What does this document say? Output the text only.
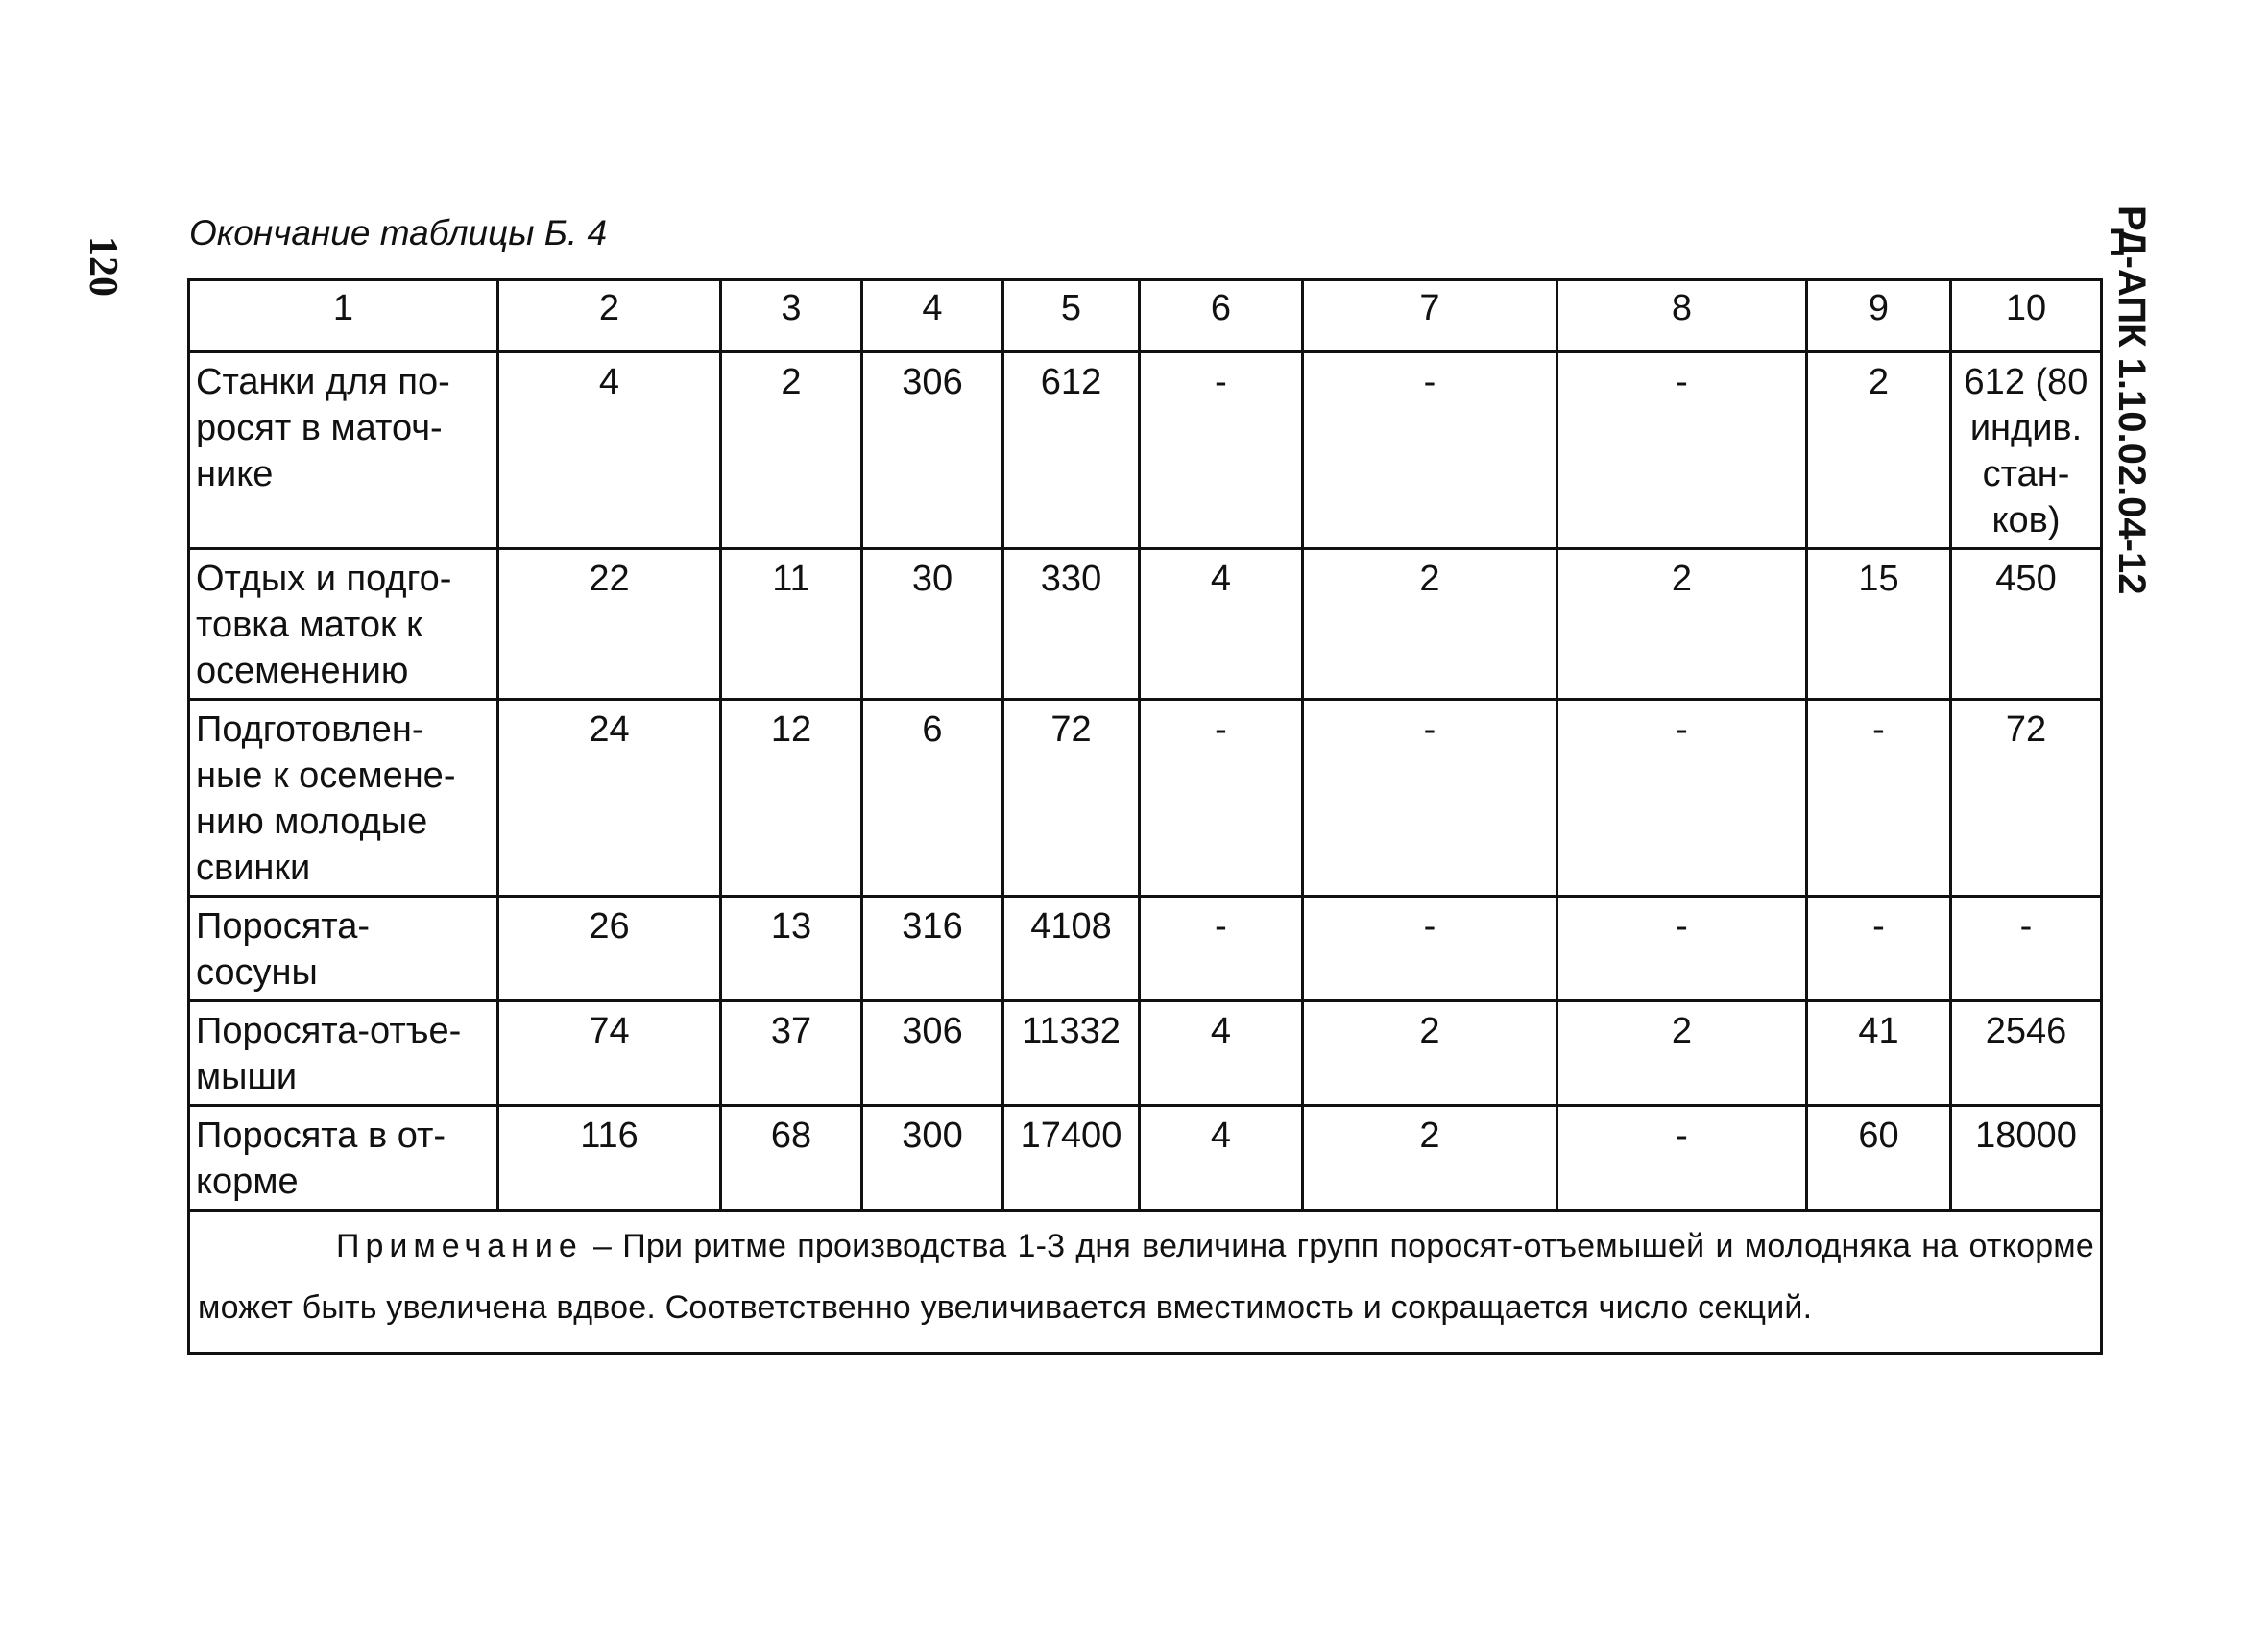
120	РД-АПК 1.10.02.04-12
Окончание таблицы Б. 4
1	2	3	4	5	6	7	8	9	10
Станки для по-
росят в маточ-
нике	4	2	306	612	-	-	-	2	612 (80
индив.
стан-
ков)
Отдых и подго-
товка маток к
осеменению	22	11	30	330	4	2	2	15	450
Подготовлен-
ные к осемене-
нию молодые
свинки	24	12	6	72	-	-	-	-	72
Поросята-
сосуны	26	13	316	4108	-	-	-	-	-
Поросята-отъе-
мыши	74	37	306	11332	4	2	2	41	2546
Поросята в от-
корме	116	68	300	17400	4	2	-	60	18000
Примечание – При ритме производства 1-3 дня величина групп поросят-отъемышей и молодняка на откорме может быть увеличена вдвое. Соответственно увеличивается вместимость и сокращается число секций.									
